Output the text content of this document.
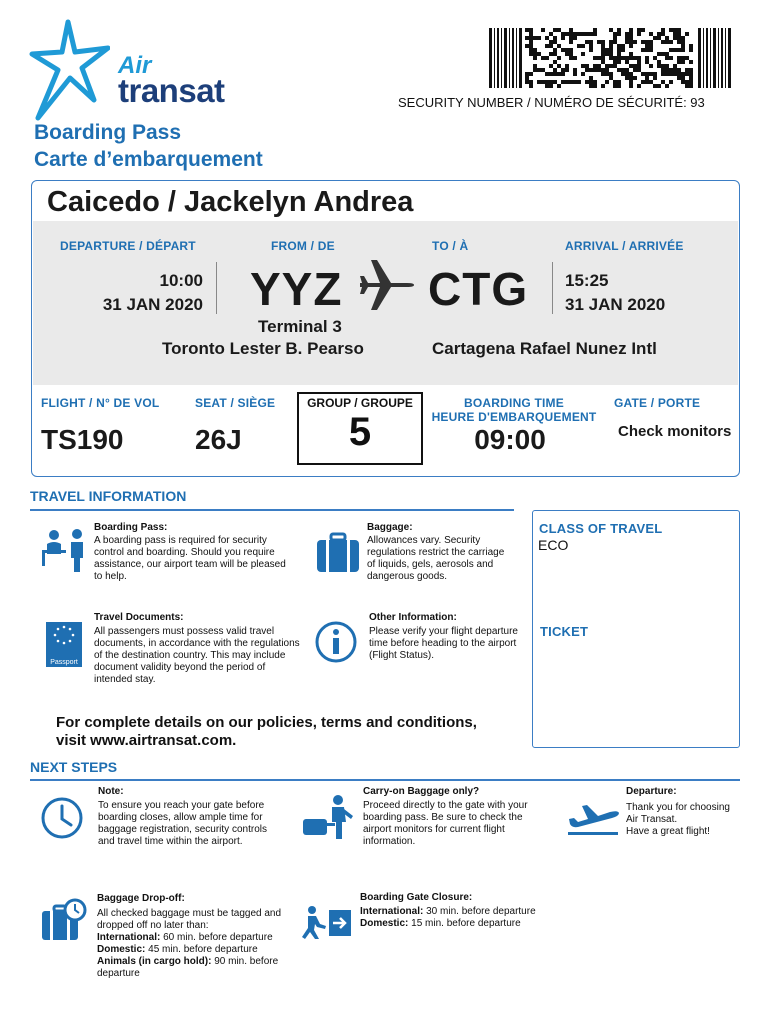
Air
transat	SECURITY NUMBER / NUMÉRO DE SÉCURITÉ: 93
Boarding Pass
Carte d’embarquement
Caicedo / Jackelyn Andrea
DEPARTURE / DÉPART
10:00
31 JAN 2020
FROM / DE
YYZ
TO / À
CTG
ARRIVAL / ARRIVÉE
15:25
31 JAN 2020
Terminal 3
Toronto Lester B. Pearso	Cartagena Rafael Nunez Intl
FLIGHT / N° DE VOL
TS190
SEAT / SIÈGE
26J
GROUP / GROUPE
5
BOARDING TIME
HEURE D'EMBARQUEMENT
09:00
GATE / PORTE
Check monitors
TRAVEL INFORMATION
Boarding Pass:
A boarding pass is required for security
control and boarding. Should you require
assistance, our airport team will be pleased
to help.
Baggage:
Allowances vary. Security
regulations restrict the carriage
of liquids, gels, aerosols and
dangerous goods.
Passport
Travel Documents:
All passengers must possess valid travel
documents, in accordance with the regulations
of the destination country. This may include
document validity beyond the period of
intended stay.
Other Information:
Please verify your flight departure
time before heading to the airport
(Flight Status).
For complete details on our policies, terms and conditions,
visit www.airtransat.com.
CLASS OF TRAVEL
ECO
TICKET
NEXT STEPS
Note:
To ensure you reach your gate before
boarding closes, allow ample time for
baggage registration, security controls
and travel time within the airport.
Carry-on Baggage only?
Proceed directly to the gate with your
boarding pass. Be sure to check the
airport monitors for current flight
information.
Departure:
Thank you for choosing
Air Transat.
Have a great flight!
Baggage Drop-off:
All checked baggage must be tagged and
dropped off no later than:
International: 60 min. before departure
Domestic: 45 min. before departure
Animals (in cargo hold): 90 min. before
departure
Boarding Gate Closure:
International: 30 min. before departure
Domestic: 15 min. before departure
